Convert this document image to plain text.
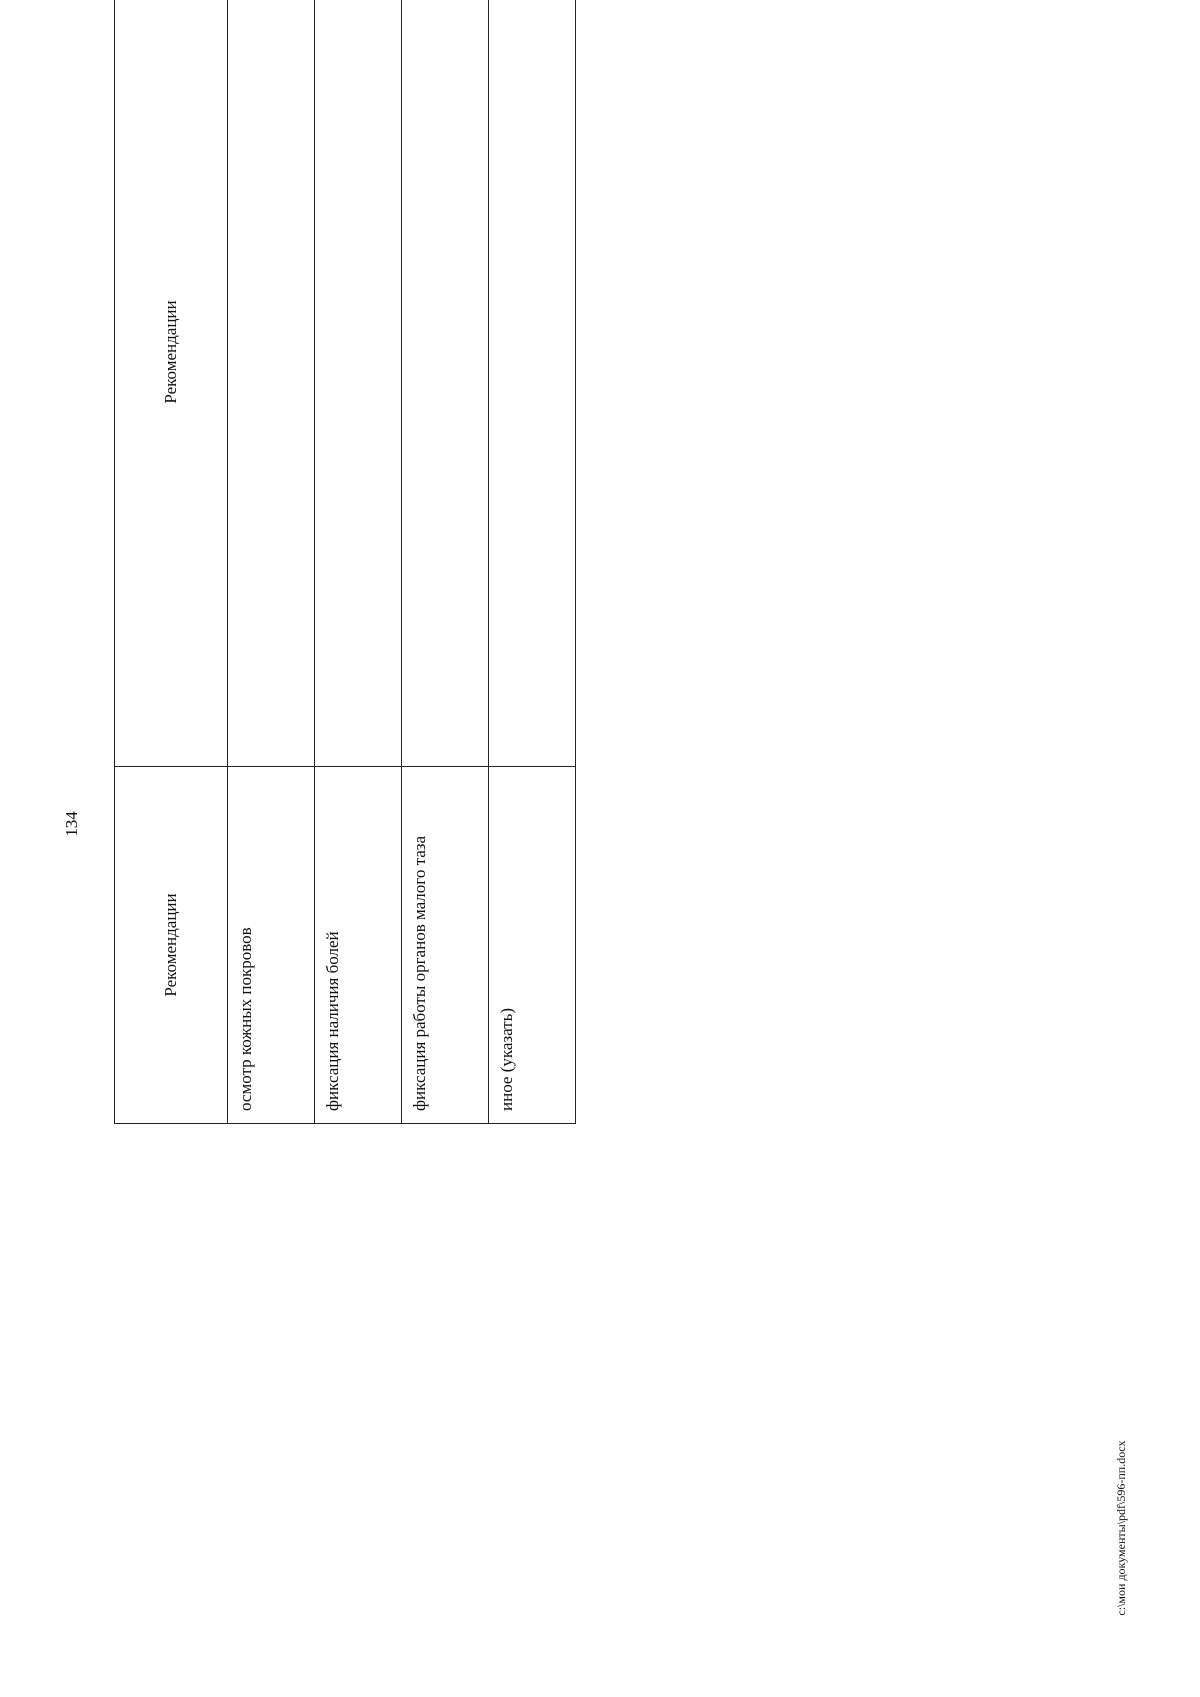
134
Рекомендации	Рекомендации	
осмотр кожных покровов		
фиксация наличия болей		
фиксация работы органов малого таза		
иное (указать)		
c:\мои документы\pdf\596-пп.docx
